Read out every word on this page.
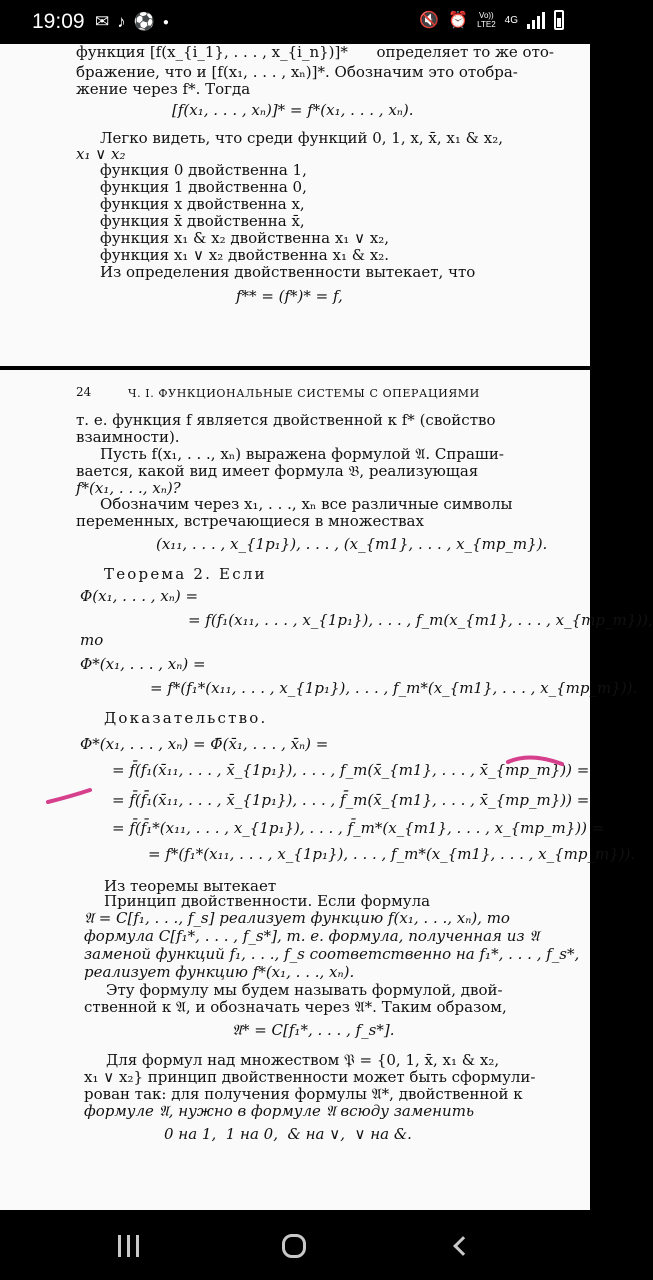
19:09 ✉ ♪ ⚽ ●	🔇 ⏰ Vo))
LTE2 4G
функция [f(x_{i_1}, . . . , x_{i_n})]*      определяет то же ото-
бражение, что и [f(x₁, . . . , xₙ)]*. Обозначим это отобра-
жение через f*. Тогда
[f(x₁, . . . , xₙ)]* = f*(x₁, . . . , xₙ).
Легко видеть, что среди функций 0, 1, x, x̄, x₁ & x₂,
x₁ ∨ x₂
функция 0 двойственна 1,
функция 1 двойственна 0,
функция x двойственна x,
функция x̄ двойственна x̄,
функция x₁ & x₂ двойственна x₁ ∨ x₂,
функция x₁ ∨ x₂ двойственна x₁ & x₂.
Из определения двойственности вытекает, что
f** = (f*)* = f,
24	Ч. I. ФУНКЦИОНАЛЬНЫЕ СИСТЕМЫ С ОПЕРАЦИЯМИ
т. е. функция f является двойственной к f* (свойство
взаимности).
Пусть f(x₁, . . ., xₙ) выражена формулой 𝔄. Спраши-
вается, какой вид имеет формула 𝔅, реализующая
f*(x₁, . . ., xₙ)?
Обозначим через x₁, . . ., xₙ все различные символы
переменных, встречающиеся в множествах
(x₁₁, . . . , x_{1p₁}), . . . , (x_{m1}, . . . , x_{mp_m}).
Теорема 2. Если
Φ(x₁, . . . , xₙ) =
= f(f₁(x₁₁, . . . , x_{1p₁}), . . . , f_m(x_{m1}, . . . , x_{mp_m})),
то
Φ*(x₁, . . . , xₙ) =
= f*(f₁*(x₁₁, . . . , x_{1p₁}), . . . , f_m*(x_{m1}, . . . , x_{mp_m})).
Доказательство.
Φ*(x₁, . . . , xₙ) = Φ̄(x̄₁, . . . , x̄ₙ) =
= f̄(f₁(x̄₁₁, . . . , x̄_{1p₁}), . . . , f_m(x̄_{m1}, . . . , x̄_{mp_m})) =
= f̄(f̄̄₁(x̄₁₁, . . . , x̄_{1p₁}), . . . , f̄̄_m(x̄_{m1}, . . . , x̄_{mp_m})) =
= f̄(f̄₁*(x₁₁, . . . , x_{1p₁}), . . . , f̄_m*(x_{m1}, . . . , x_{mp_m})) =
= f*(f₁*(x₁₁, . . . , x_{1p₁}), . . . , f_m*(x_{m1}, . . . , x_{mp_m})).
Из теоремы вытекает
Принцип двойственности. Если формула
𝔄 = C[f₁, . . ., f_s] реализует функцию f(x₁, . . ., xₙ), то
формула C[f₁*, . . . , f_s*], т. е. формула, полученная из 𝔄
заменой функций f₁, . . ., f_s соответственно на f₁*, . . . , f_s*,
реализует функцию f*(x₁, . . ., xₙ).
Эту формулу мы будем называть формулой, двой-
ственной к 𝔄, и обозначать через 𝔄*. Таким образом,
𝔄* = C[f₁*, . . . , f_s*].
Для формул над множеством 𝔓 = {0, 1, x̄, x₁ & x₂,
x₁ ∨ x₂} принцип двойственности может быть сформули-
рован так: для получения формулы 𝔄*, двойственной к
формуле 𝔄, нужно в формуле 𝔄 всюду заменить
0 на 1,  1 на 0,  & на ∨,  ∨ на &.
